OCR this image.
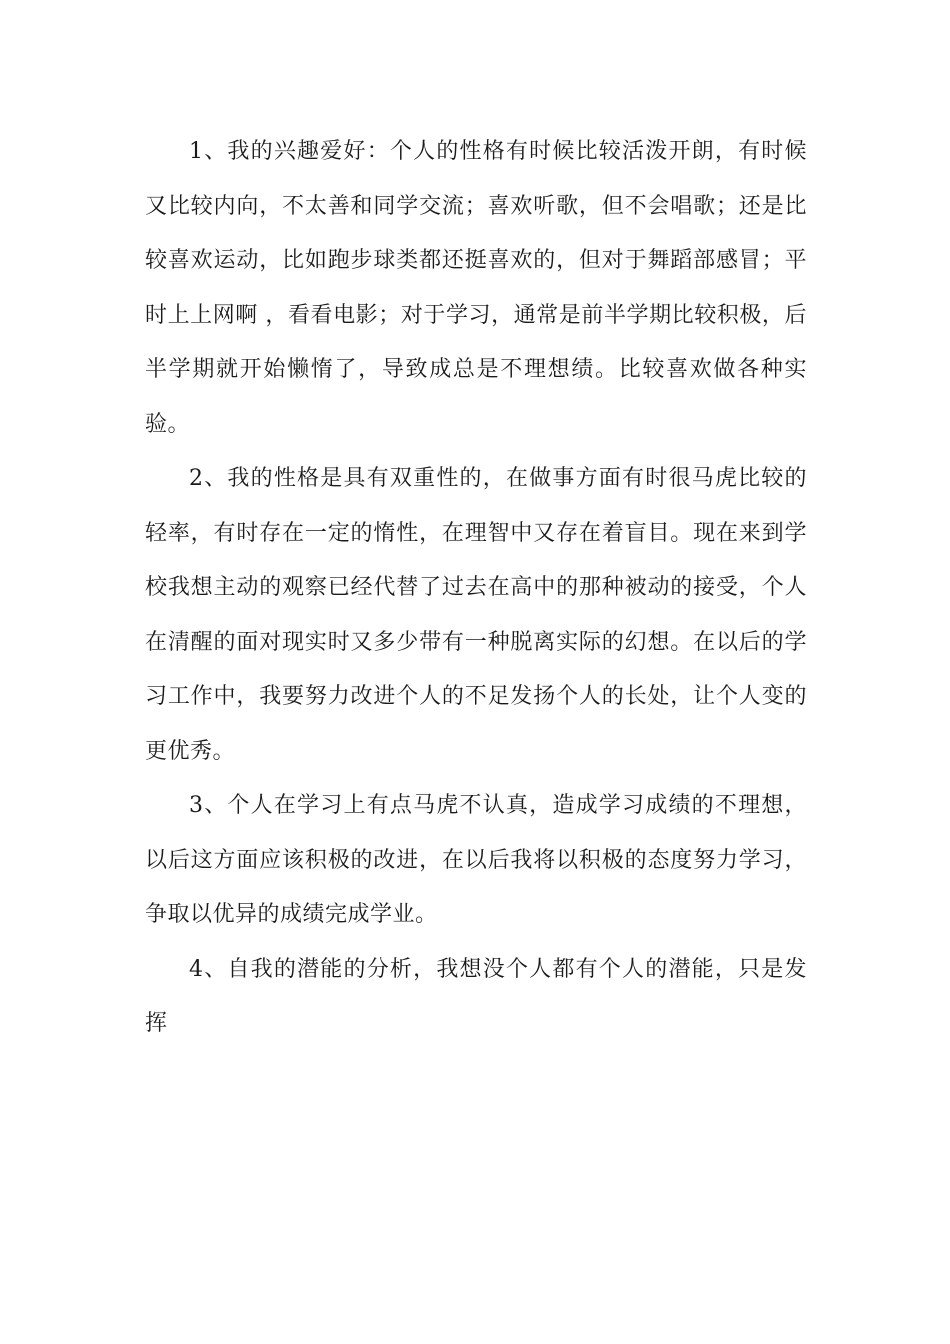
1、我的兴趣爱好：个人的性格有时候比较活泼开朗，有时候又比较内向，不太善和同学交流；喜欢听歌，但不会唱歌；还是比较喜欢运动，比如跑步球类都还挺喜欢的，但对于舞蹈部感冒；平时上上网啊 ，看看电影；对于学习，通常是前半学期比较积极，后半学期就开始懒惰了，导致成总是不理想绩。比较喜欢做各种实验。

2、我的性格是具有双重性的，在做事方面有时很马虎比较的轻率，有时存在一定的惰性，在理智中又存在着盲目。现在来到学校我想主动的观察已经代替了过去在高中的那种被动的接受，个人在清醒的面对现实时又多少带有一种脱离实际的幻想。在以后的学习工作中，我要努力改进个人的不足发扬个人的长处，让个人变的更优秀。

3、个人在学习上有点马虎不认真，造成学习成绩的不理想，以后这方面应该积极的改进，在以后我将以积极的态度努力学习，争取以优异的成绩完成学业。

4、自我的潜能的分析，我想没个人都有个人的潜能，只是发挥
